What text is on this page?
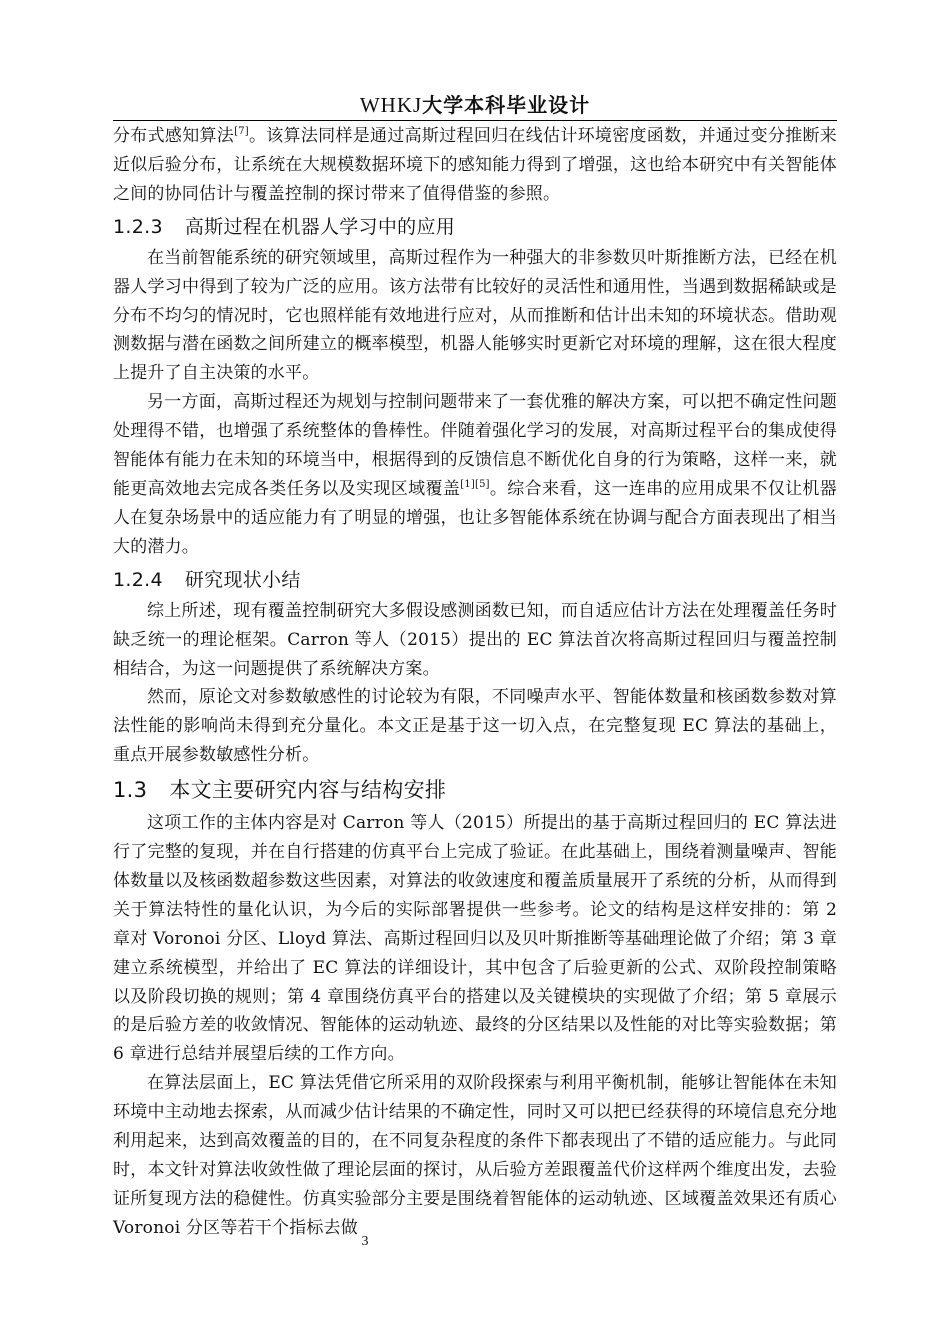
WHKJ大学本科毕业设计

分布式感知算法[7]。该算法同样是通过高斯过程回归在线估计环境密度函数，并通过变分推断来近似后验分布，让系统在大规模数据环境下的感知能力得到了增强，这也给本研究中有关智能体之间的协同估计与覆盖控制的探讨带来了值得借鉴的参照。

1.2.3 高斯过程在机器人学习中的应用

在当前智能系统的研究领域里，高斯过程作为一种强大的非参数贝叶斯推断方法，已经在机器人学习中得到了较为广泛的应用。该方法带有比较好的灵活性和通用性，当遇到数据稀缺或是分布不均匀的情况时，它也照样能有效地进行应对，从而推断和估计出未知的环境状态。借助观测数据与潜在函数之间所建立的概率模型，机器人能够实时更新它对环境的理解，这在很大程度上提升了自主决策的水平。

另一方面，高斯过程还为规划与控制问题带来了一套优雅的解决方案，可以把不确定性问题处理得不错，也增强了系统整体的鲁棒性。伴随着强化学习的发展，对高斯过程平台的集成使得智能体有能力在未知的环境当中，根据得到的反馈信息不断优化自身的行为策略，这样一来，就能更高效地去完成各类任务以及实现区域覆盖[1][5]。综合来看，这一连串的应用成果不仅让机器人在复杂场景中的适应能力有了明显的增强，也让多智能体系统在协调与配合方面表现出了相当大的潜力。

1.2.4 研究现状小结

综上所述，现有覆盖控制研究大多假设感测函数已知，而自适应估计方法在处理覆盖任务时缺乏统一的理论框架。Carron 等人（2015）提出的 EC 算法首次将高斯过程回归与覆盖控制相结合，为这一问题提供了系统解决方案。

然而，原论文对参数敏感性的讨论较为有限，不同噪声水平、智能体数量和核函数参数对算法性能的影响尚未得到充分量化。本文正是基于这一切入点，在完整复现 EC 算法的基础上，重点开展参数敏感性分析。

1.3 本文主要研究内容与结构安排

这项工作的主体内容是对 Carron 等人（2015）所提出的基于高斯过程回归的 EC 算法进行了完整的复现，并在自行搭建的仿真平台上完成了验证。在此基础上，围绕着测量噪声、智能体数量以及核函数超参数这些因素，对算法的收敛速度和覆盖质量展开了系统的分析，从而得到关于算法特性的量化认识，为今后的实际部署提供一些参考。论文的结构是这样安排的：第 2 章对 Voronoi 分区、Lloyd 算法、高斯过程回归以及贝叶斯推断等基础理论做了介绍；第 3 章建立系统模型，并给出了 EC 算法的详细设计，其中包含了后验更新的公式、双阶段控制策略以及阶段切换的规则；第 4 章围绕仿真平台的搭建以及关键模块的实现做了介绍；第 5 章展示的是后验方差的收敛情况、智能体的运动轨迹、最终的分区结果以及性能的对比等实验数据；第 6 章进行总结并展望后续的工作方向。

在算法层面上，EC 算法凭借它所采用的双阶段探索与利用平衡机制，能够让智能体在未知环境中主动地去探索，从而减少估计结果的不确定性，同时又可以把已经获得的环境信息充分地利用起来，达到高效覆盖的目的，在不同复杂程度的条件下都表现出了不错的适应能力。与此同时，本文针对算法收敛性做了理论层面的探讨，从后验方差跟覆盖代价这样两个维度出发，去验证所复现方法的稳健性。仿真实验部分主要是围绕着智能体的运动轨迹、区域覆盖效果还有质心 Voronoi 分区等若干个指标去做

3
